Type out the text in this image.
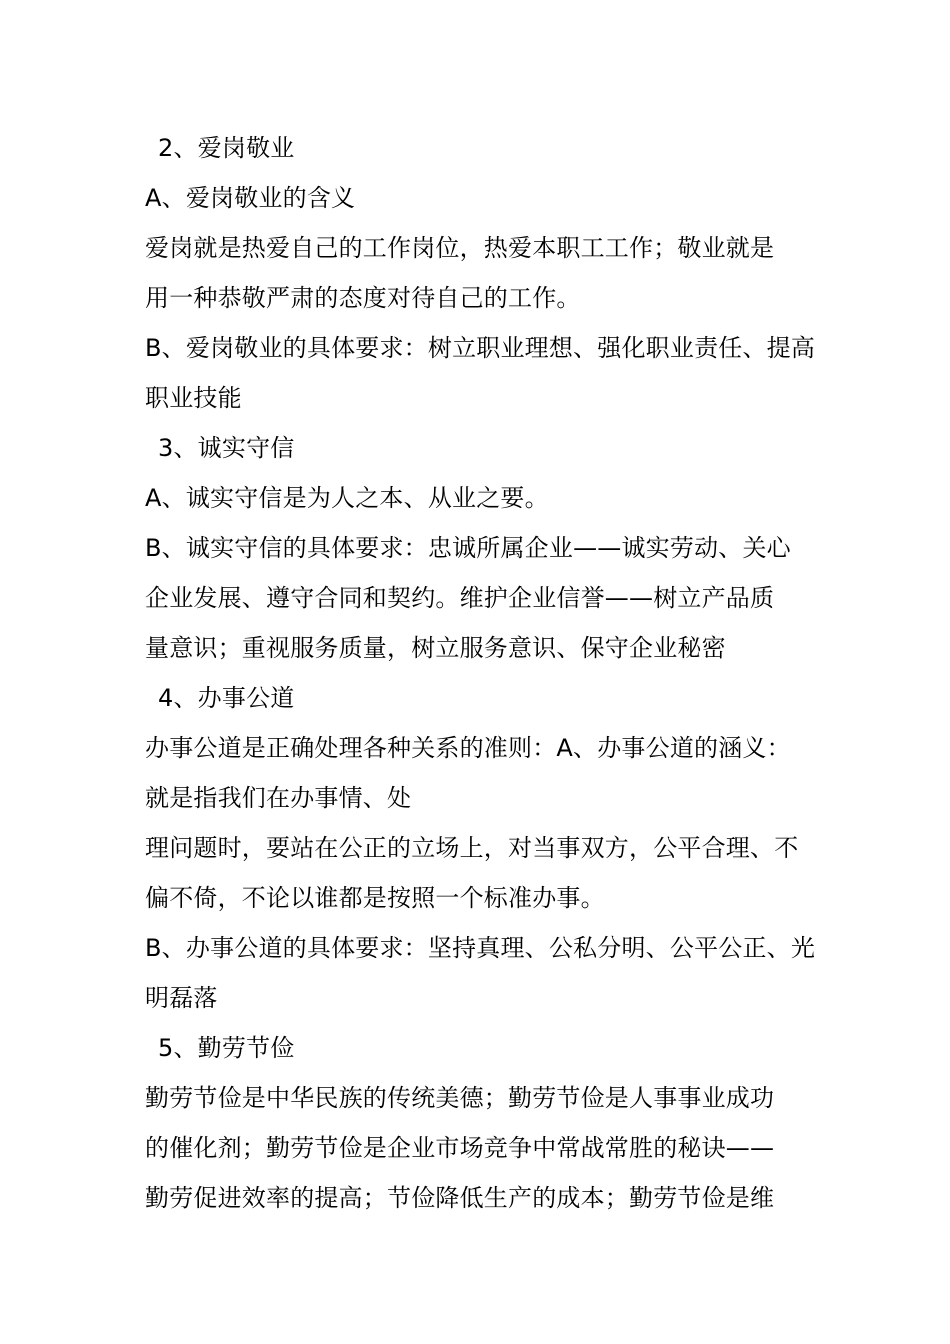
2、爱岗敬业
A、爱岗敬业的含义
爱岗就是热爱自己的工作岗位，热爱本职工工作；敬业就是
用一种恭敬严肃的态度对待自己的工作。
B、爱岗敬业的具体要求：树立职业理想、强化职业责任、提高
职业技能
3、诚实守信
A、诚实守信是为人之本、从业之要。
B、诚实守信的具体要求：忠诚所属企业——诚实劳动、关心
企业发展、遵守合同和契约。维护企业信誉——树立产品质
量意识；重视服务质量，树立服务意识、保守企业秘密
4、办事公道
办事公道是正确处理各种关系的准则：A、办事公道的涵义：
就是指我们在办事情、处
理问题时，要站在公正的立场上，对当事双方，公平合理、不
偏不倚，不论以谁都是按照一个标准办事。
B、办事公道的具体要求：坚持真理、公私分明、公平公正、光
明磊落
5、勤劳节俭
勤劳节俭是中华民族的传统美德；勤劳节俭是人事事业成功
的催化剂；勤劳节俭是企业市场竞争中常战常胜的秘诀——
勤劳促进效率的提高；节俭降低生产的成本；勤劳节俭是维
